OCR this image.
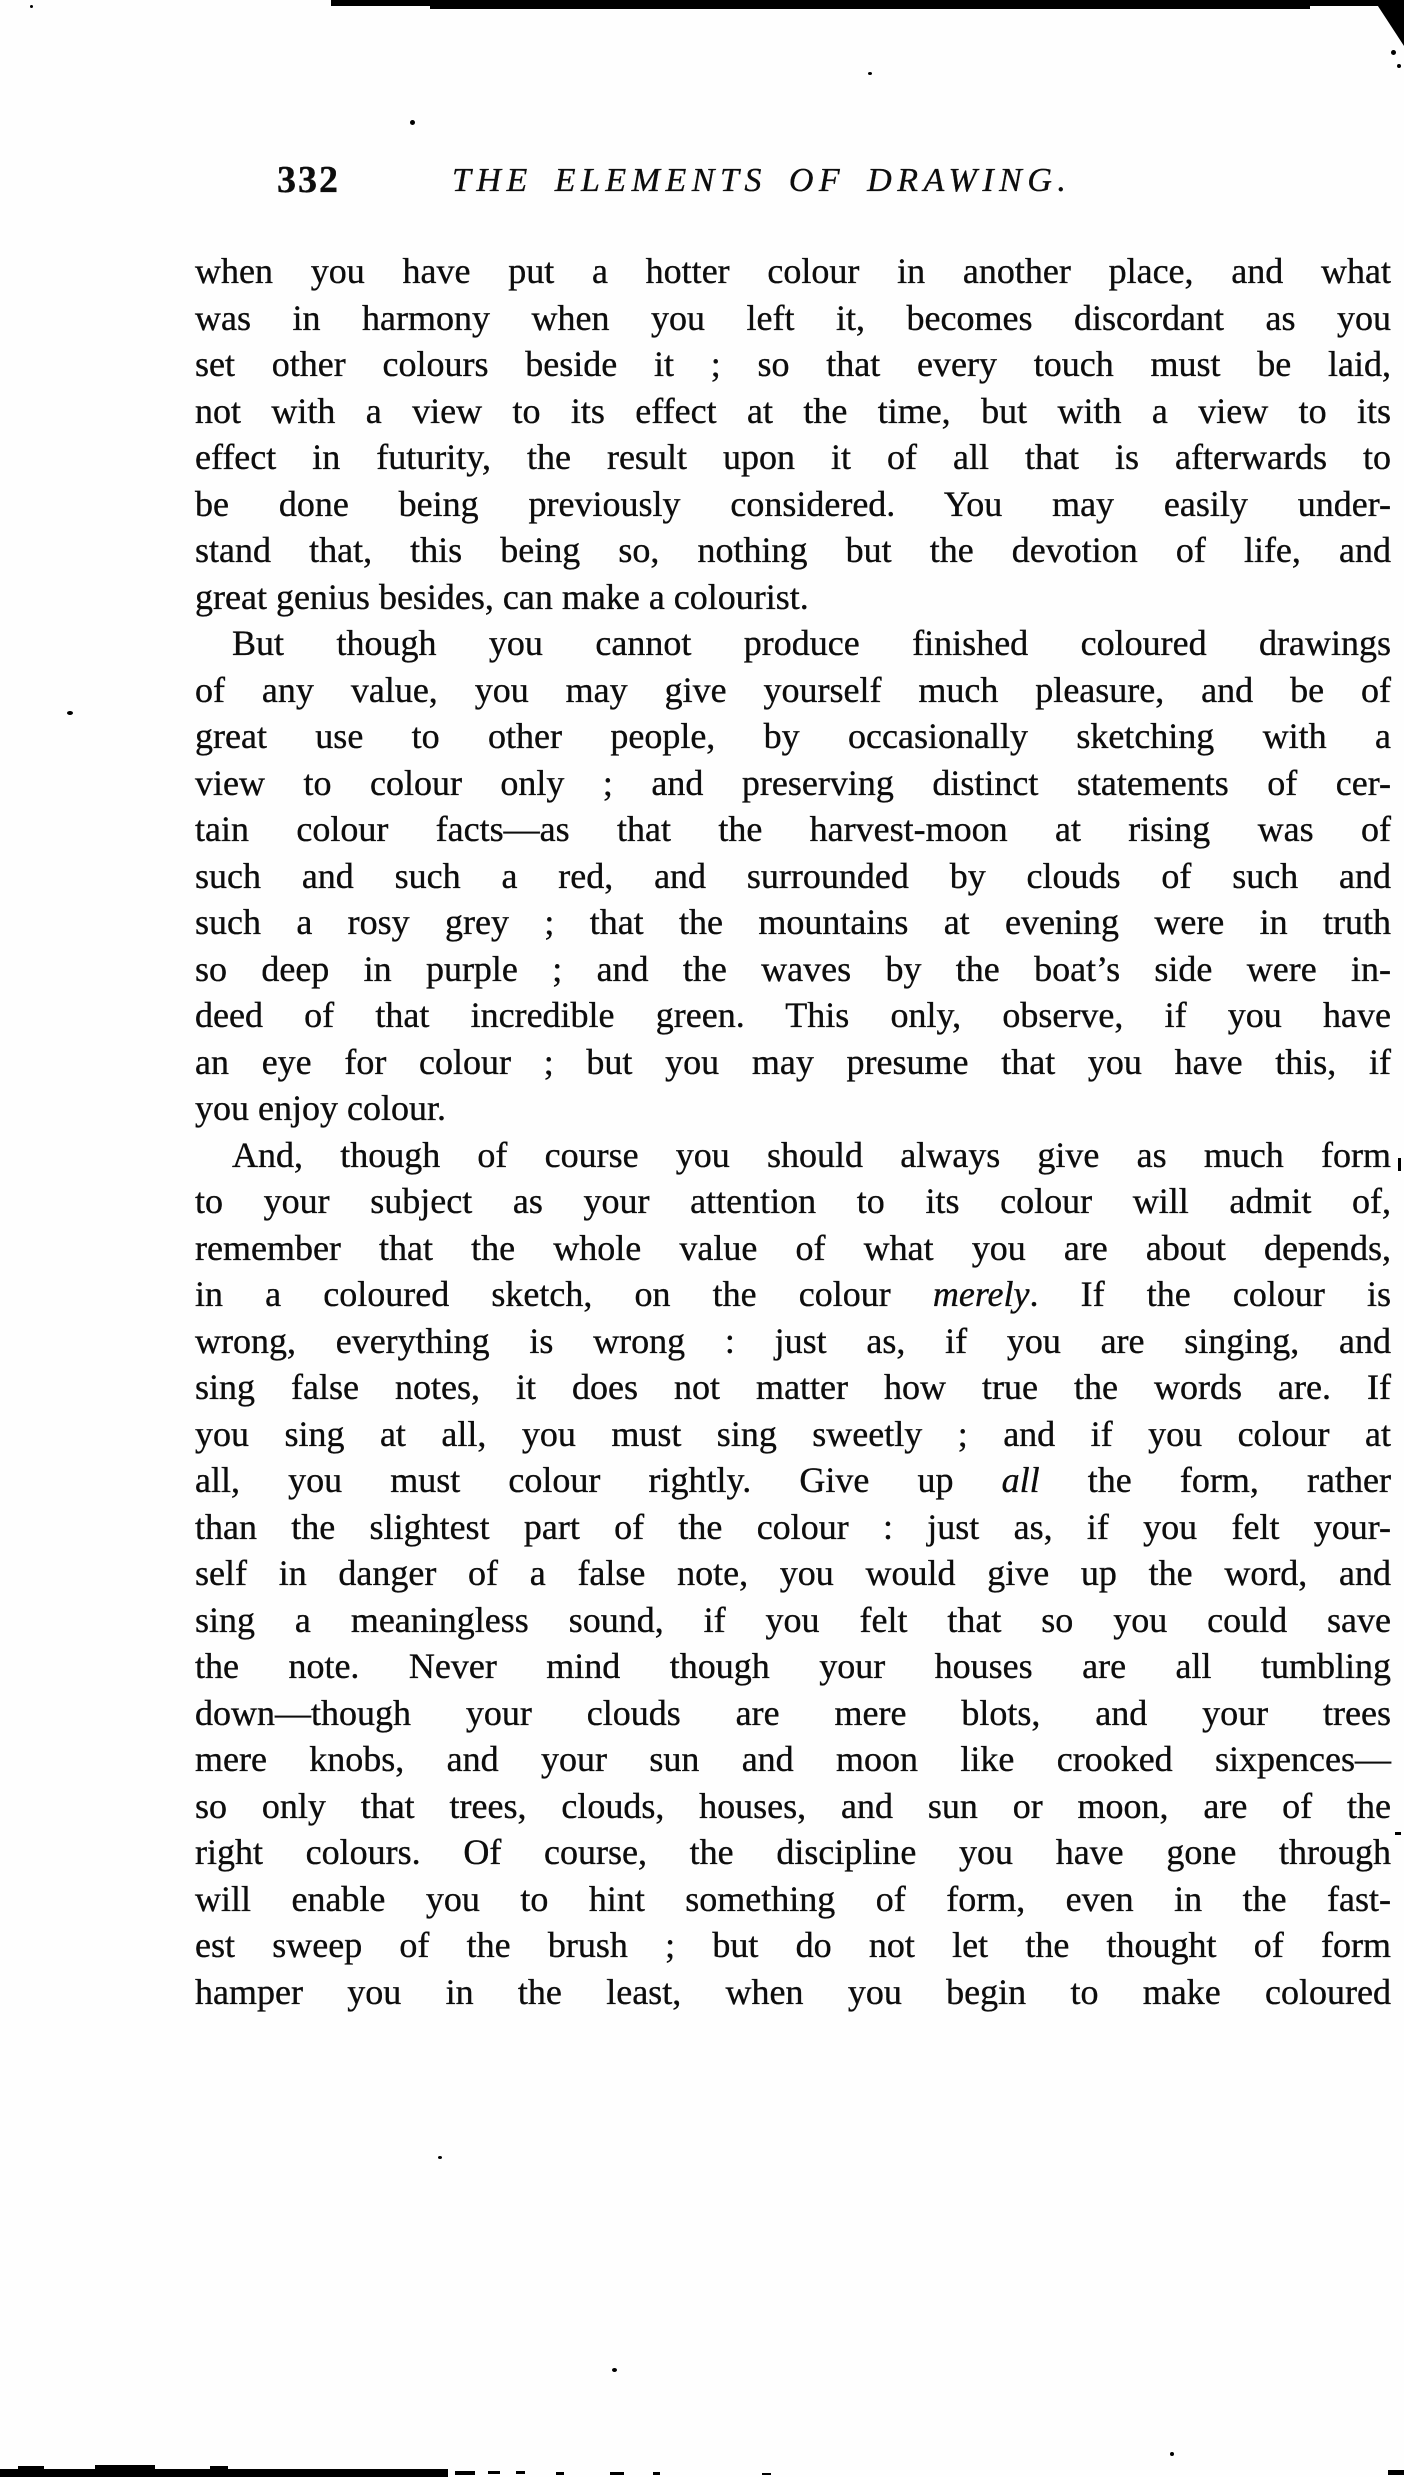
332	THE ELEMENTS OF DRAWING.
when you have put a hotter colour in another place, and what
was in harmony when you left it, becomes discordant as you
set other colours beside it ; so that every touch must be laid,
not with a view to its effect at the time, but with a view to its
effect in futurity, the result upon it of all that is afterwards to
be done being previously considered. You may easily under-
stand that, this being so, nothing but the devotion of life, and
great genius besides, can make a colourist.
But though you cannot produce finished coloured drawings
of any value, you may give yourself much pleasure, and be of
great use to other people, by occasionally sketching with a
view to colour only ; and preserving distinct statements of cer-
tain colour facts—as that the harvest-moon at rising was of
such and such a red, and surrounded by clouds of such and
such a rosy grey ; that the mountains at evening were in truth
so deep in purple ; and the waves by the boat’s side were in-
deed of that incredible green. This only, observe, if you have
an eye for colour ; but you may presume that you have this, if
you enjoy colour.
And, though of course you should always give as much form
to your subject as your attention to its colour will admit of,
remember that the whole value of what you are about depends,
in a coloured sketch, on the colour merely. If the colour is
wrong, everything is wrong : just as, if you are singing, and
sing false notes, it does not matter how true the words are. If
you sing at all, you must sing sweetly ; and if you colour at
all, you must colour rightly. Give up all the form, rather
than the slightest part of the colour : just as, if you felt your-
self in danger of a false note, you would give up the word, and
sing a meaningless sound, if you felt that so you could save
the note. Never mind though your houses are all tumbling
down—though your clouds are mere blots, and your trees
mere knobs, and your sun and moon like crooked sixpences—
so only that trees, clouds, houses, and sun or moon, are of the
right colours. Of course, the discipline you have gone through
will enable you to hint something of form, even in the fast-
est sweep of the brush ; but do not let the thought of form
hamper you in the least, when you begin to make coloured
